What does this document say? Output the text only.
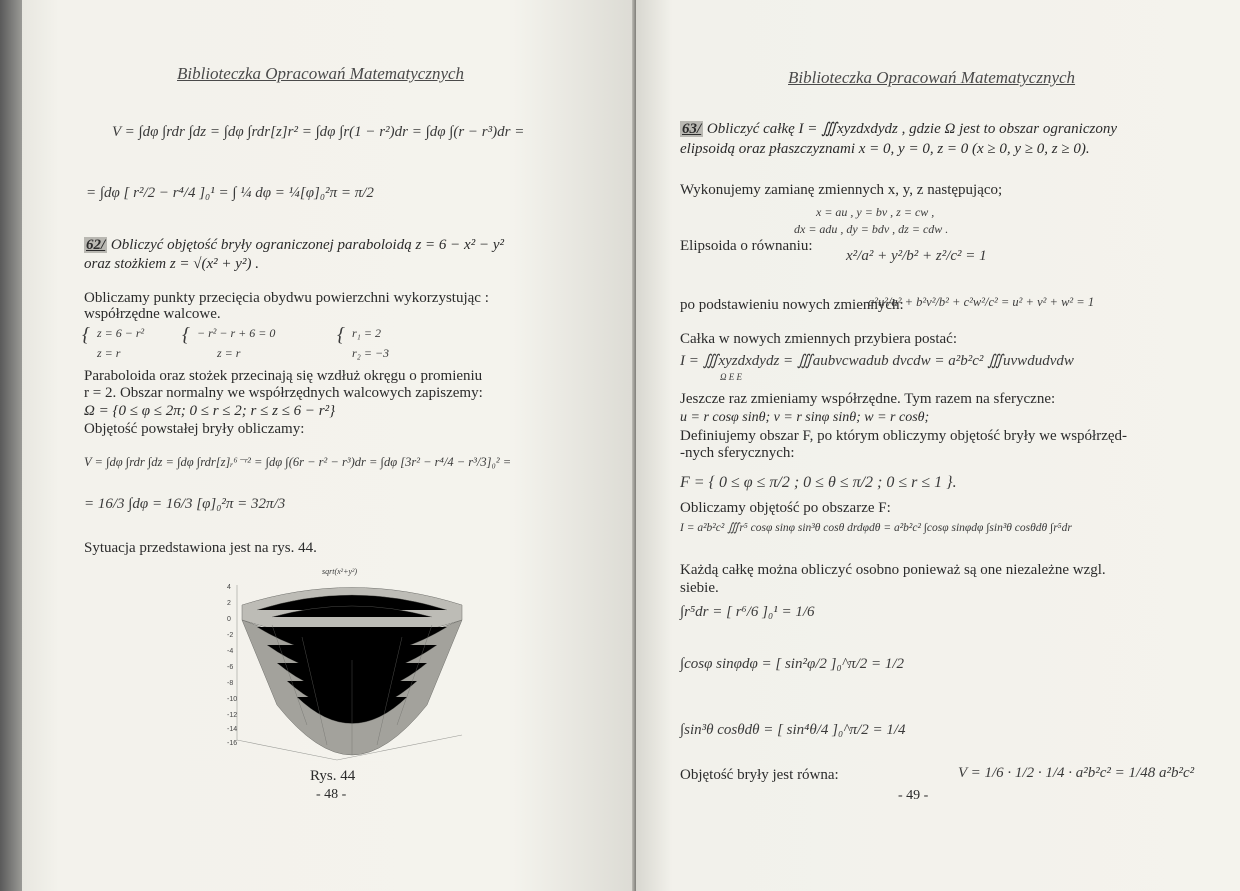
Biblioteczka Opracowań Matematycznych
V = ∫dφ ∫rdr ∫dz = ∫dφ ∫rdr[z]r² = ∫dφ ∫r(1 − r²)dr = ∫dφ ∫(r − r³)dr =
= ∫dφ [ r²/2 − r⁴/4 ]₀¹ = ∫ ¼ dφ = ¼[φ]₀²π = π/2
62/ Obliczyć objętość bryły ograniczonej paraboloidą z = 6 − x² − y²
oraz stożkiem z = √(x² + y²) .
Obliczamy punkty przecięcia obydwu powierzchni wykorzystując :
współrzędne walcowe.
{ z = 6 − r²
z = r
{ − r² − r + 6 = 0
z = r
{ r₁ = 2
r₂ = −3
Paraboloida oraz stożek przecinają się wzdłuż okręgu o promieniu
r = 2. Obszar normalny we współrzędnych walcowych zapiszemy:
Ω = {0 ≤ φ ≤ 2π; 0 ≤ r ≤ 2; r ≤ z ≤ 6 − r²}
Objętość powstałej bryły obliczamy:
V = ∫dφ ∫rdr ∫dz = ∫dφ ∫rdr[z]ᵣ⁶⁻ʳ² = ∫dφ ∫(6r − r² − r³)dr = ∫dφ [3r² − r⁴/4 − r³/3]₀² =
= 16/3 ∫dφ = 16/3 [φ]₀²π = 32π/3
Sytuacja przedstawiona jest na rys. 44.
sqrt(x²+y²)
4
2
0
-2
-4
-6
-8
-10
-12
-14
-16
Rys. 44
- 48 -
Biblioteczka Opracowań Matematycznych
63/ Obliczyć całkę I = ∭xyzdxdydz , gdzie Ω jest to obszar ograniczony
elipsoidą oraz płaszczyznami x = 0, y = 0, z = 0 (x ≥ 0, y ≥ 0, z ≥ 0).
Wykonujemy zamianę zmiennych x, y, z następująco;
x = au , y = bv , z = cw ,
dx = adu , dy = bdv , dz = cdw .
Elipsoida o równaniu:
x²/a² + y²/b² + z²/c² = 1
po podstawieniu nowych zmiennych:
a²u²/a² + b²v²/b² + c²w²/c² = u² + v² + w² = 1
Całka w nowych zmiennych przybiera postać:
I = ∭xyzdxdydz = ∭aubvcwadub dvcdw = a²b²c² ∭uvwdudvdw
Ω E E
Jeszcze raz zmieniamy współrzędne. Tym razem na sferyczne:
u = r cosφ sinθ; v = r sinφ sinθ; w = r cosθ;
Definiujemy obszar F, po którym obliczymy objętość bryły we współrzęd-
-nych sferycznych:
F = { 0 ≤ φ ≤ π/2 ; 0 ≤ θ ≤ π/2 ; 0 ≤ r ≤ 1 }.
Obliczamy objętość po obszarze F:
I = a²b²c² ∭r⁵ cosφ sinφ sin³θ cosθ drdφdθ = a²b²c² ∫cosφ sinφdφ ∫sin³θ cosθdθ ∫r⁵dr
Każdą całkę można obliczyć osobno ponieważ są one niezależne wzgl.
siebie.
∫r⁵dr = [ r⁶/6 ]₀¹ = 1/6
∫cosφ sinφdφ = [ sin²φ/2 ]₀^π/2 = 1/2
∫sin³θ cosθdθ = [ sin⁴θ/4 ]₀^π/2 = 1/4
Objętość bryły jest równa:	V = 1/6 · 1/2 · 1/4 · a²b²c² = 1/48 a²b²c²
- 49 -
